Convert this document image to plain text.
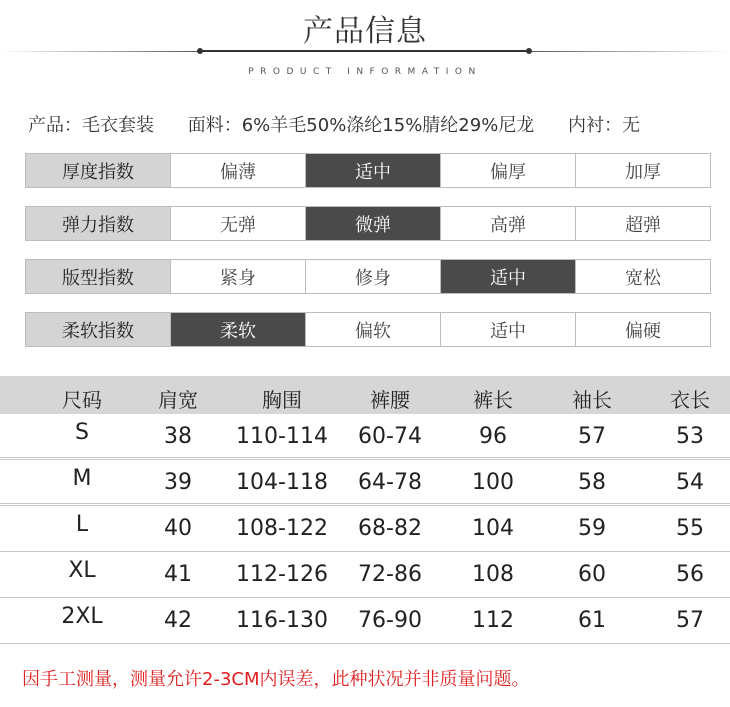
产品信息
PRODUCT INFORMATION
产品：毛衣套装 面料：6%羊毛50%涤纶15%腈纶29%尼龙 内衬：无
厚度指数	偏薄	适中	偏厚	加厚
弹力指数	无弹	微弹	高弹	超弹
版型指数	紧身	修身	适中	宽松
柔软指数	柔软	偏软	适中	偏硬
尺码	肩宽	胸围	裤腰	裤长	袖长	衣长
S	38	110-114	60-74	96	57	53
M	39	104-118	64-78	100	58	54
L	40	108-122	68-82	104	59	55
XL	41	112-126	72-86	108	60	56
2XL	42	116-130	76-90	112	61	57
因手工测量，测量允许2-3CM内误差，此种状况并非质量问题。
